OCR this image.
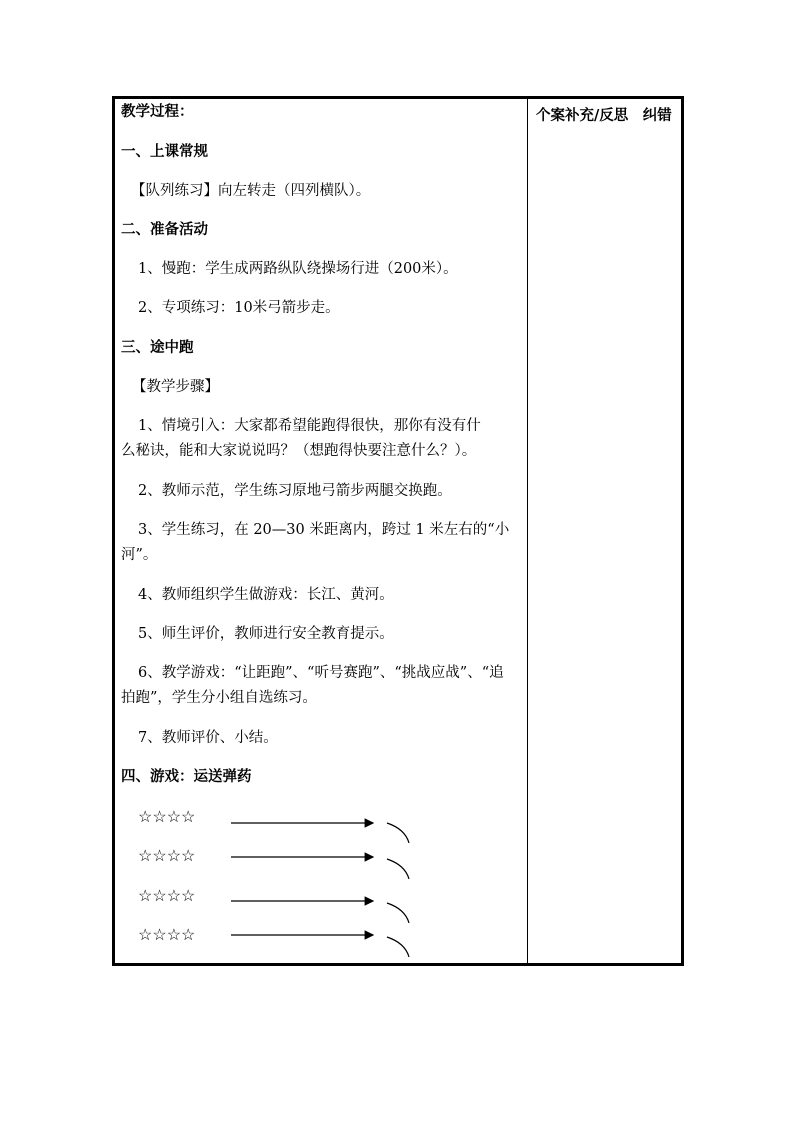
教学过程：
一、上课常规
【队列练习】向左转走（四列横队）。
二、准备活动
1、慢跑：学生成两路纵队绕操场行进（200米）。
2、专项练习：10米弓箭步走。
三、途中跑
【教学步骤】
1、情境引入：大家都希望能跑得很快，那你有没有什
么秘诀，能和大家说说吗？（想跑得快要注意什么？）。
2、教师示范，学生练习原地弓箭步两腿交换跑。
3、学生练习，在 20—30 米距离内，跨过 1 米左右的“小
河”。
4、教师组织学生做游戏：长江、黄河。
5、师生评价，教师进行安全教育提示。
6、教学游戏：“让距跑”、“听号赛跑”、“挑战应战”、“追
拍跑”，学生分小组自选练习。
7、教师评价、小结。
四、游戏：运送弹药
☆☆☆☆
☆☆☆☆
☆☆☆☆
☆☆☆☆
个案补充/反思　纠错
